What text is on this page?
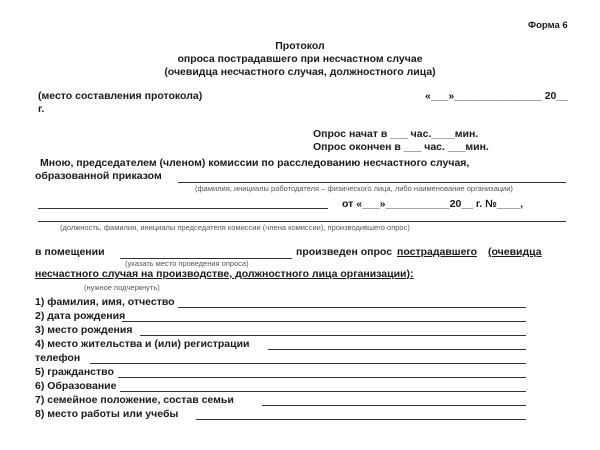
Форма 6
Протокол
опроса пострадавшего при несчастном случае
(очевидца несчастного случая, должностного лица)
(место составления протокола)	«___»_______________ 20__
г.
Опрос начат в ___ час.____мин.
Опрос окончен в ___ час. ___мин.
Мною, председателем (членом) комиссии по расследованию несчастного случая,
образованной приказом
(фамилия, инициалы работодателя – физического лица, либо наименование организации)
от «___»___________20__ г. №____,
(должность, фамилия, инициалы председателя комиссии (члена комиссии), производившего опрос)
в помещении	произведен опрос пострадавшего (очевидца
(указать место проведения опроса)
несчастного случая на производстве, должностного лица организации):
(нужное подчеркнуть)
1) фамилия, имя, отчество
2) дата рождения
3) место рождения
4) место жительства и (или) регистрации
телефон
5) гражданство
6) Образование
7) семейное положение, состав семьи
8) место работы или учебы
